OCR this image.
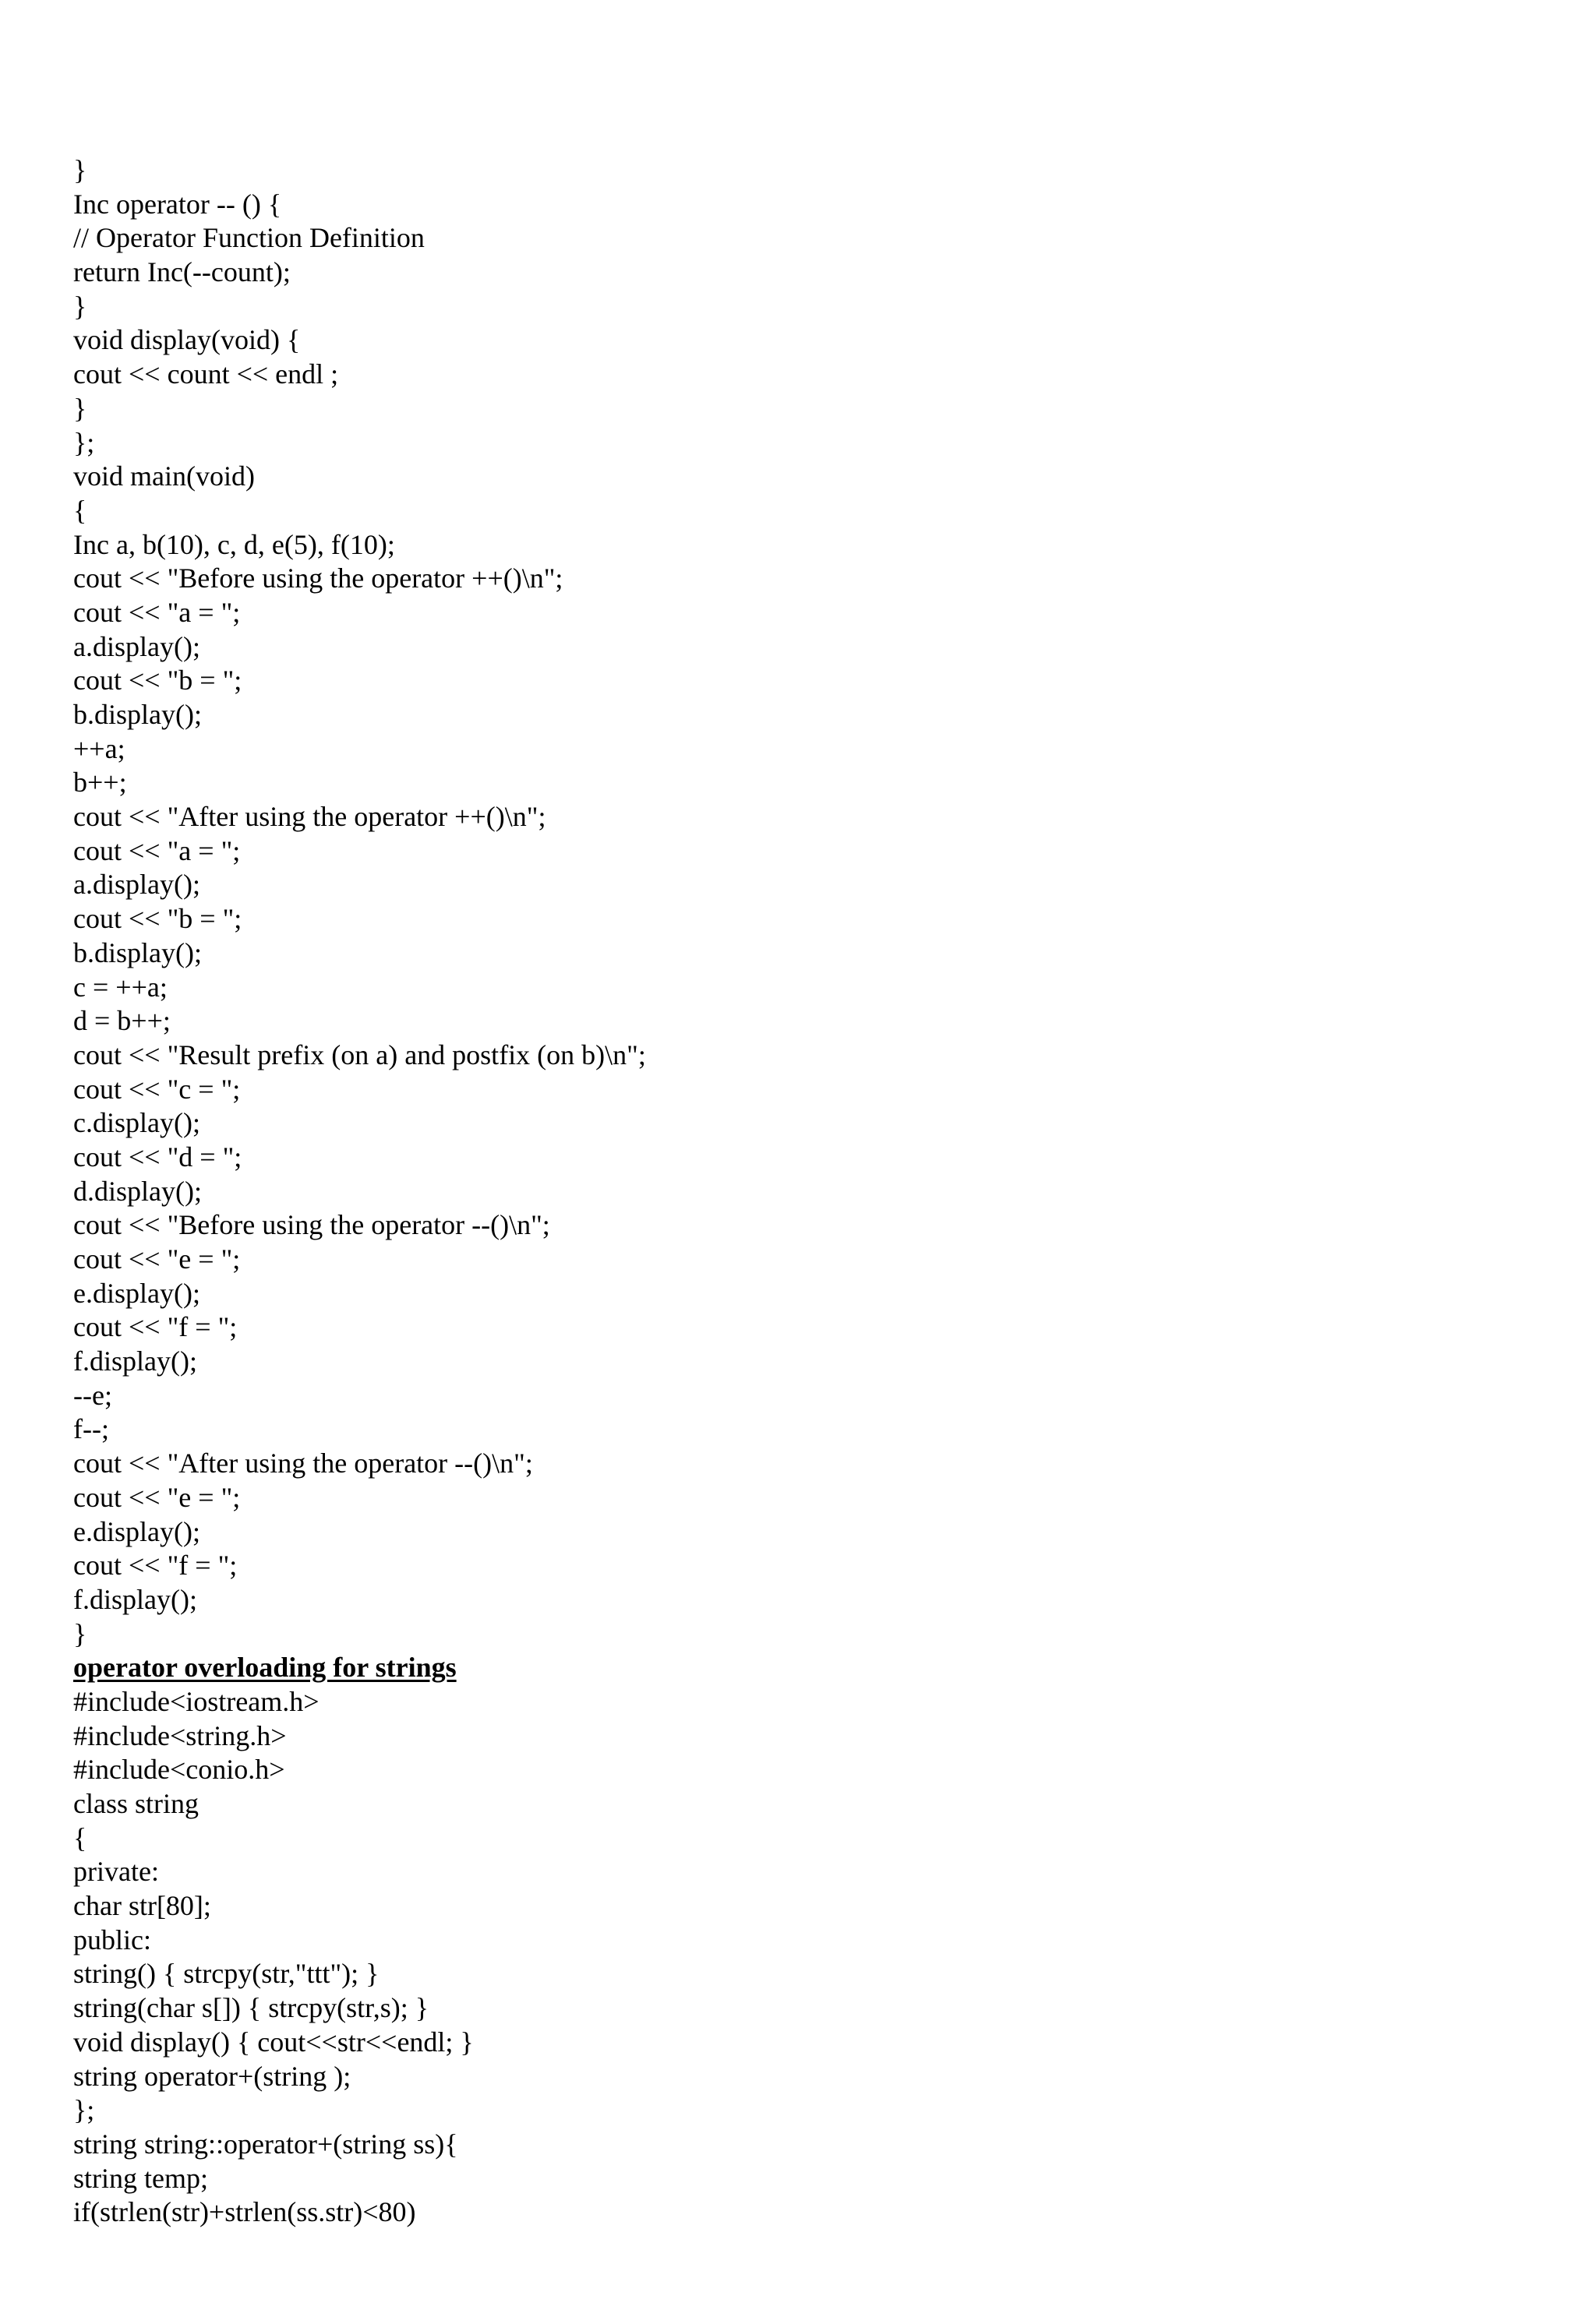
}
Inc operator -- () {
// Operator Function Definition
return Inc(--count);
}
void display(void) {
cout << count << endl ;
}
};
void main(void)
{
Inc a, b(10), c, d, e(5), f(10);
cout << "Before using the operator ++()\n";
cout << "a = ";
a.display();
cout << "b = ";
b.display();
++a;
b++;
cout << "After using the operator ++()\n";
cout << "a = ";
a.display();
cout << "b = ";
b.display();
c = ++a;
d = b++;
cout << "Result prefix (on a) and postfix (on b)\n";
cout << "c = ";
c.display();
cout << "d = ";
d.display();
cout << "Before using the operator --()\n";
cout << "e = ";
e.display();
cout << "f = ";
f.display();
--e;
f--;
cout << "After using the operator --()\n";
cout << "e = ";
e.display();
cout << "f = ";
f.display();
}
operator overloading for strings
#include<iostream.h>
#include<string.h>
#include<conio.h>
class string
{
private:
char str[80];
public:
string() { strcpy(str,"ttt"); }
string(char s[]) { strcpy(str,s); }
void display() { cout<<str<<endl; }
string operator+(string );
};
string string::operator+(string ss){
string temp;
if(strlen(str)+strlen(ss.str)<80)
